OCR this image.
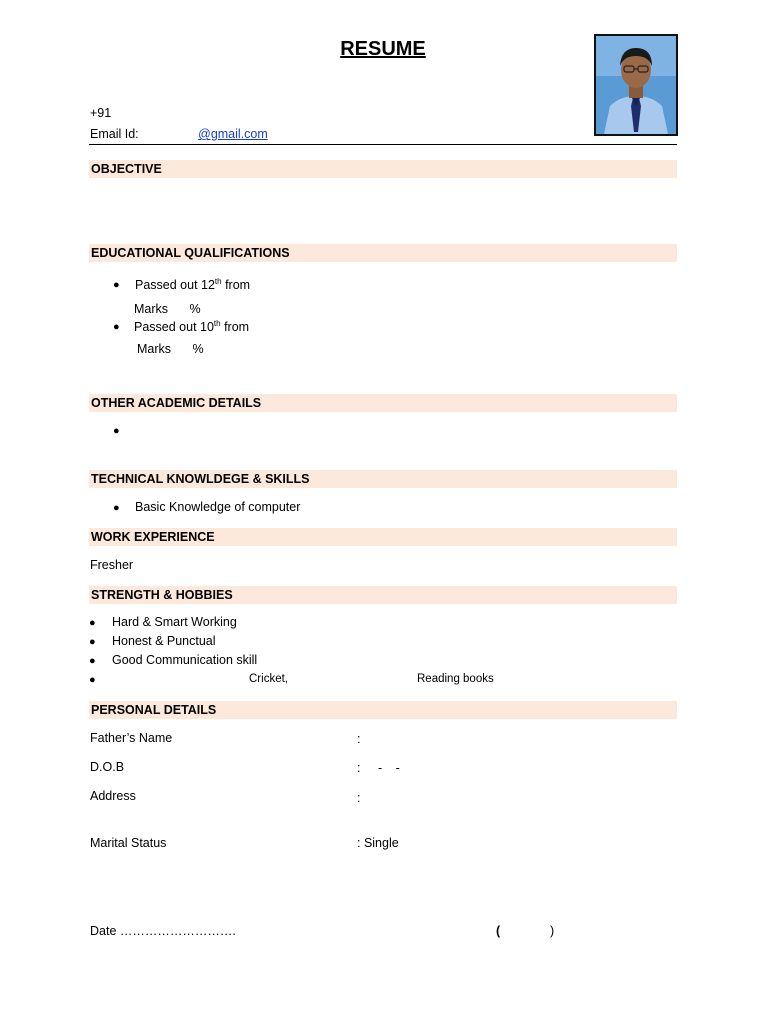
RESUME
+91
Email Id:	@gmail.com
OBJECTIVE
EDUCATIONAL QUALIFICATIONS
● Passed out 12th from
Marks %
● Passed out 10th from
Marks %
OTHER ACADEMIC DETAILS
●
TECHNICAL KNOWLDEGE & SKILLS
● Basic Knowledge of computer
WORK EXPERIENCE
Fresher
STRENGTH & HOBBIES
● Hard & Smart Working
● Honest & Punctual
● Good Communication skill
●	Cricket,	Reading books
PERSONAL DETAILS
Father’s Name	:
D.O.B	: - -
Address	:
Marital Status	: Single
Date ……………………….	(	)
